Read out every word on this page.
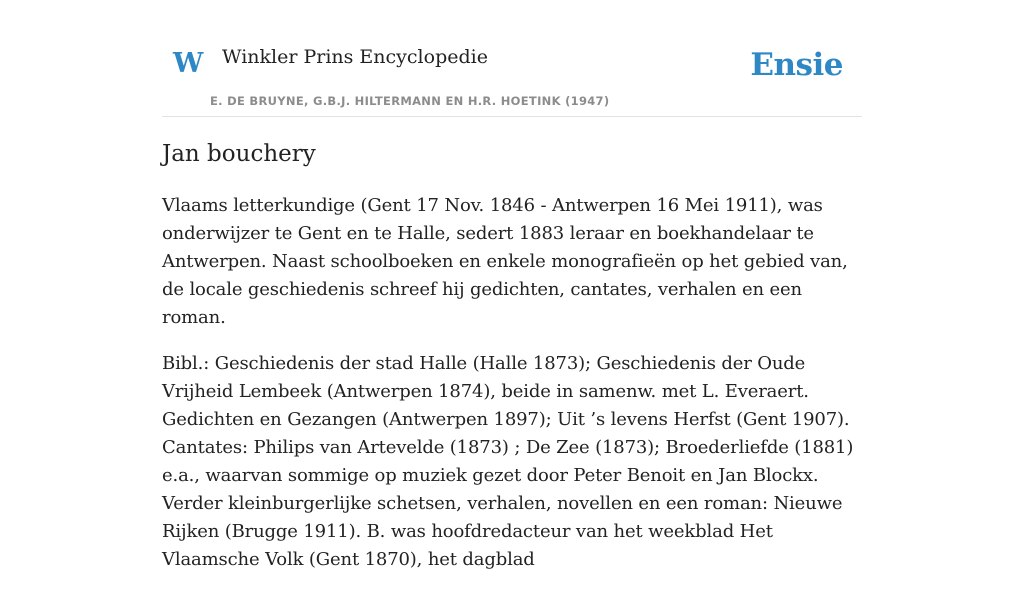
W Winkler Prins Encyclopedie
E. DE BRUYNE, G.B.J. HILTERMANN EN H.R. HOETINK (1947)
Ensie
Jan bouchery

Vlaams letterkundige (Gent 17 Nov. 1846 - Antwerpen 16 Mei 1911), was onderwijzer te Gent en te Halle, sedert 1883 leraar en boekhandelaar te Antwerpen. Naast schoolboeken en enkele monografieën op het gebied van, de locale geschiedenis schreef hij gedichten, cantates, verhalen en een roman.

Bibl.: Geschiedenis der stad Halle (Halle 1873); Geschiedenis der Oude Vrijheid Lembeek (Antwerpen 1874), beide in samenw. met L. Everaert. Gedichten en Gezangen (Antwerpen 1897); Uit ’s levens Herfst (Gent 1907). Cantates: Philips van Artevelde (1873) ; De Zee (1873); Broederliefde (1881) e.a., waarvan sommige op muziek gezet door Peter Benoit en Jan Blockx. Verder kleinburgerlijke schetsen, verhalen, novellen en een roman: Nieuwe Rijken (Brugge 1911). B. was hoofdredacteur van het weekblad Het Vlaamsche Volk (Gent 1870), het dagblad
